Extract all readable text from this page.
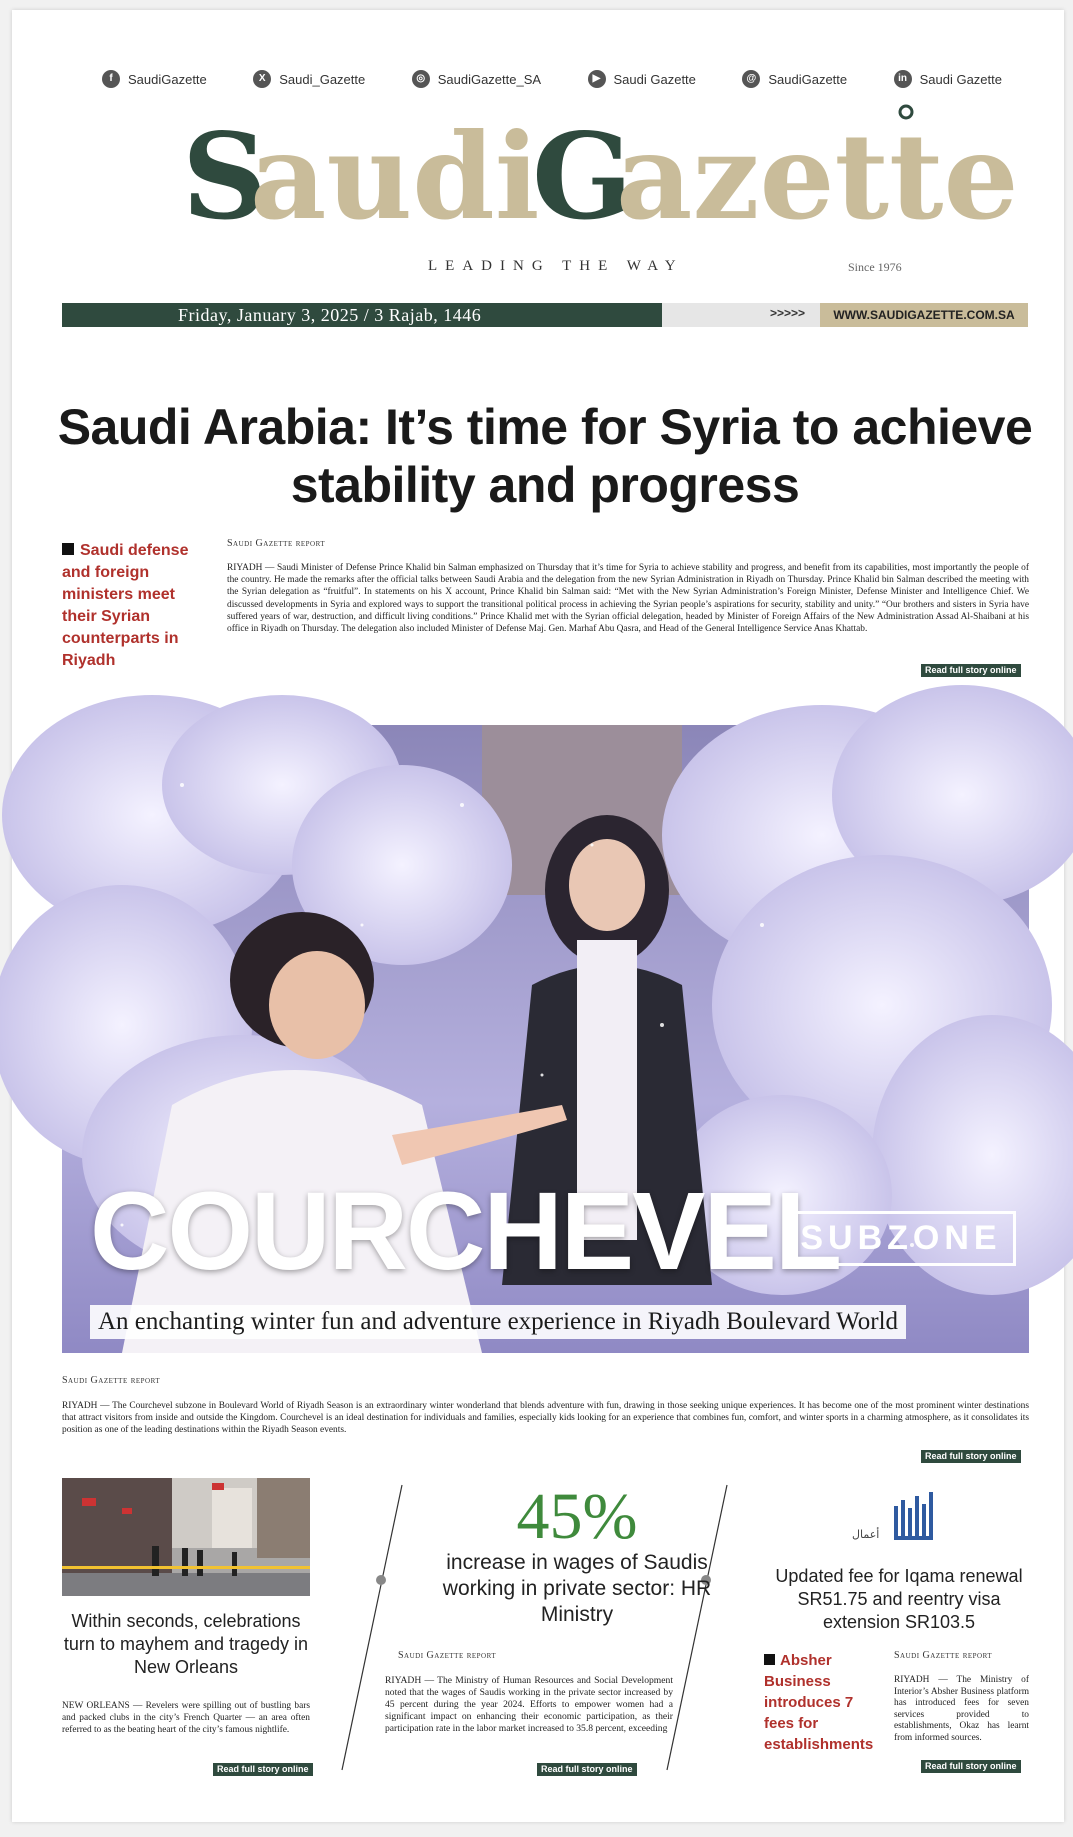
f	SaudiGazette	X	Saudi_Gazette	◎ SaudiGazette_SA	▶	Saudi Gazette	@ SaudiGazette	in Saudi Gazette
S
audi
G
azette
LEADING THE WAY	Since 1976
Friday, January 3, 2025 / 3 Rajab, 1446	>>>>>	WWW.SAUDIGAZETTE.COM.SA
Saudi Arabia: It’s time for Syria to achieve stability and progress
Saudi defense and foreign ministers meet their Syrian counterparts in Riyadh
Saudi Gazette report

RIYADH — Saudi Minister of Defense Prince Khalid bin Salman emphasized on Thursday that it’s time for Syria to achieve stability and progress, and benefit from its capabilities, most importantly the people of the country. He made the remarks after the official talks between Saudi Arabia and the delegation from the new Syrian Administration in Riyadh on Thursday. Prince Khalid bin Salman described the meeting with the Syrian delegation as “fruitful”. In statements on his X account, Prince Khalid bin Salman said: “Met with the New Syrian Administration’s Foreign Minister, Defense Minister and Intelligence Chief. We discussed developments in Syria and explored ways to support the transitional political process in achieving the Syrian people’s aspirations for security, stability and unity.” “Our brothers and sisters in Syria have suffered years of war, destruction, and difficult living conditions.” Prince Khalid met with the Syrian official delegation, headed by Minister of Foreign Affairs of the New Administration Assad Al-Shaibani at his office in Riyadh on Thursday. The delegation also included Minister of Defense Maj. Gen. Marhaf Abu Qasra, and Head of the General Intelligence Service Anas Khattab.

Read full story online
COURCHEVEL
SUBZONE
An enchanting winter fun and adventure experience in Riyadh Boulevard World
Saudi Gazette report

RIYADH — The Courchevel subzone in Boulevard World of Riyadh Season is an extraordinary winter wonderland that blends adventure with fun, drawing in those seeking unique experiences. It has become one of the most prominent winter destinations that attract visitors from inside and outside the Kingdom. Courchevel is an ideal destination for individuals and families, especially kids looking for an experience that combines fun, comfort, and winter sports in a charming atmosphere, as it consolidates its position as one of the leading destinations within the Riyadh Season events.

Read full story online
Within seconds, celebrations turn to mayhem and tragedy in New Orleans

NEW ORLEANS — Revelers were spilling out of bustling bars and packed clubs in the city’s French Quarter — an area often referred to as the beating heart of the city’s famous nightlife.

Read full story online
45%
increase in wages of Saudis working in private sector: HR Ministry
Saudi Gazette report

RIYADH — The Ministry of Human Resources and Social Development noted that the wages of Saudis working in the private sector increased by 45 percent during the year 2024. Efforts to empower women had a significant impact on enhancing their economic participation, as their participation rate in the labor market increased to 35.8 percent, exceeding

Read full story online
أعمال
Updated fee for Iqama renewal SR51.75 and reentry visa extension SR103.5
Absher Business introduces 7 fees for establishments
Saudi Gazette report

RIYADH — The Ministry of Interior’s Absher Business platform has introduced fees for seven services provided to establishments, Okaz has learnt from informed sources.

Read full story online
